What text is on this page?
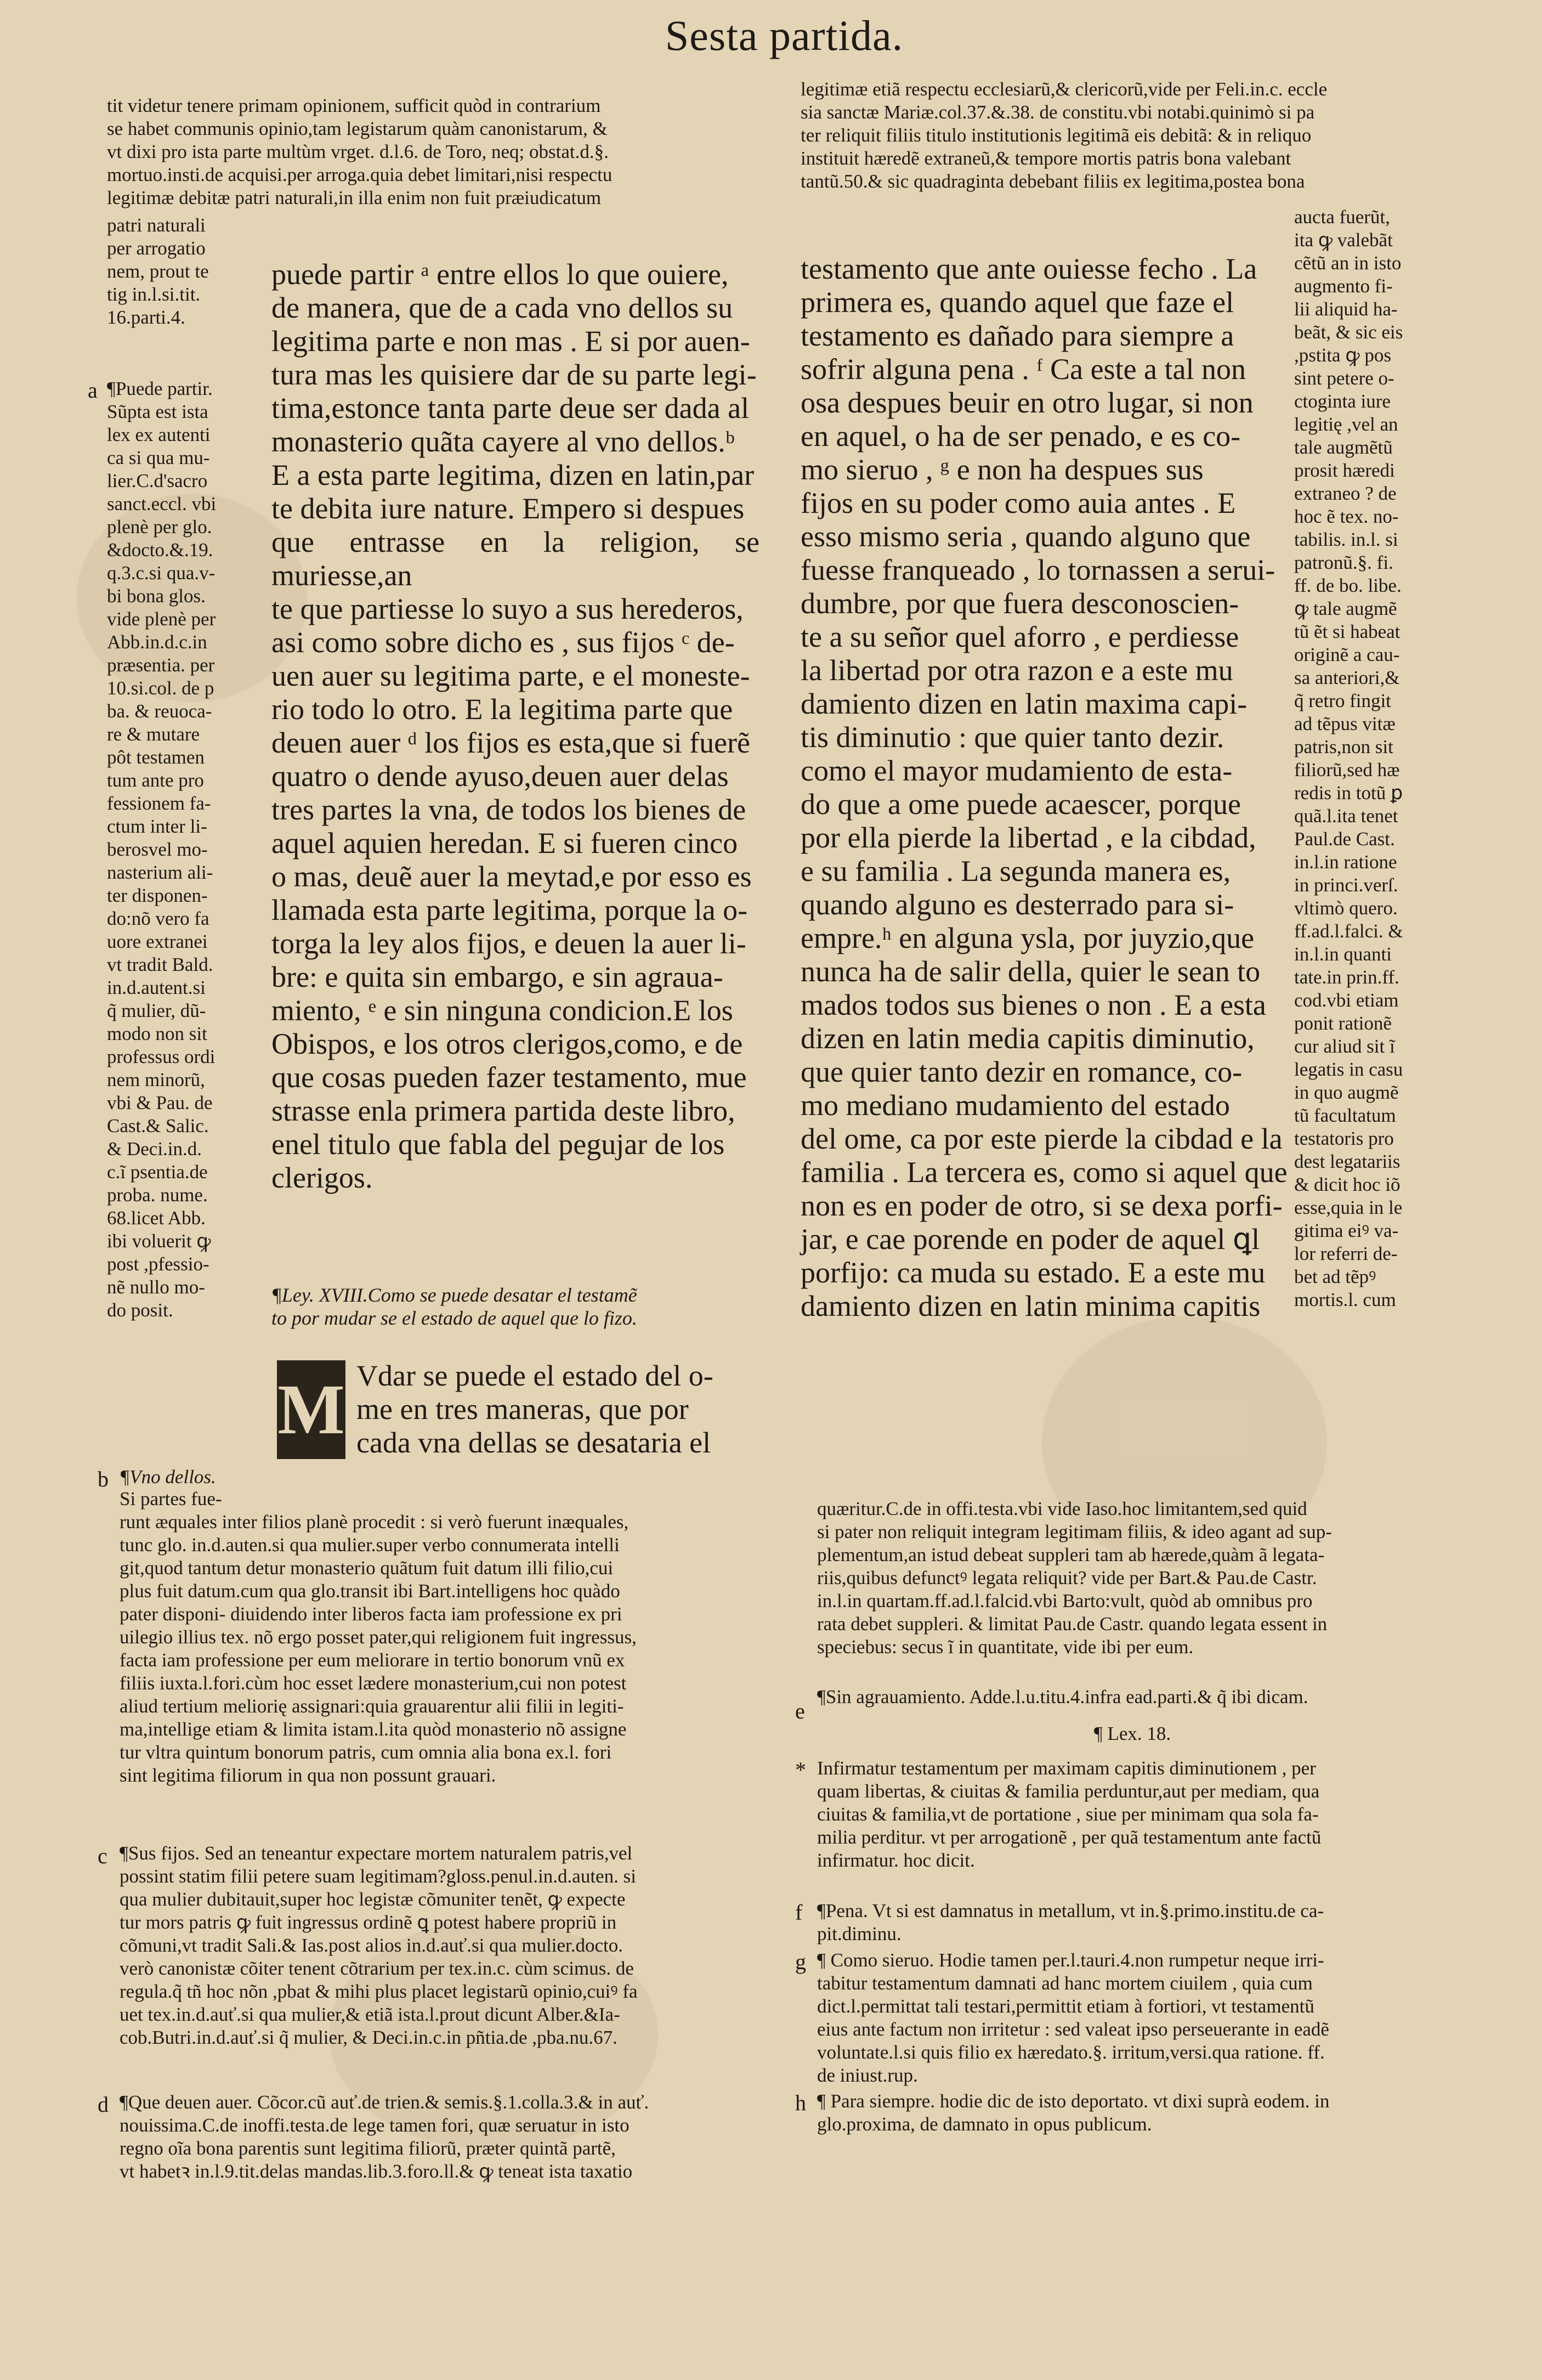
Sesta partida.
tit videtur tenere primam opinionem, sufficit quòd in contrarium
se habet communis opinio,tam legistarum quàm canonistarum, &
vt dixi pro ista parte multùm vrget. d.l.6. de Toro, neq; obstat.d.§.
mortuo.insti.de acquisi.per arroga.quia debet limitari,nisi respectu
legitimæ debitæ patri naturali,in illa enim non fuit præiudicatum
legitimæ etiã respectu ecclesiarũ,& clericorũ,vide per Feli.in.c. eccle
sia sanctæ Mariæ.col.37.&.38. de constitu.vbi notabi.quinimò si pa
ter reliquit filiis titulo institutionis legitimã eis debitã: & in reliquo
instituit hæredẽ extraneũ,& tempore mortis patris bona valebant
tantũ.50.& sic quadraginta debebant filiis ex legitima,postea bona
patri naturali
per arrogatio
nem, prout te
tig in.l.si.tit.
16.parti.4.
a ¶Puede partir.
Sũpta est ista
lex ex autenti
ca si qua mu-
lier.C.d'sacro
sanct.eccl. vbi
plenè per glo.
&docto.&.19.
q.3.c.si qua.v-
bi bona glos.
vide plenè per
Abb.in.d.c.in
præsentia. per
10.si.col. de p
ba. & reuoca-
re & mutare
pôt testamen
tum ante pro
fessionem fa-
ctum inter li-
berosvel mo-
nasterium ali-
ter disponen-
do:nõ vero fa
uore extranei
vt tradit Bald.
in.d.autent.si
q̃ mulier, dũ-
modo non sit
professus ordi
nem minorũ,
vbi & Pau. de
Cast.& Salic.
& Deci.in.d.
c.ĩ psentia.de
proba. nume.
68.licet Abb.
ibi voluerit ꝙ
post ,pfessio-
nẽ nullo mo-
do posit.
puede partir ᵃ entre ellos lo que ouiere,
de manera, que de a cada vno dellos su
legitima parte e non mas . E si por auen-
tura mas les quisiere dar de su parte legi-
tima,estonce tanta parte deue ser dada al
monasterio quãta cayere al vno dellos.ᵇ
E a esta parte legitima, dizen en latin,par
te debita iure nature. Empero si despues
que entrasse en la religion, se muriesse,an
te que partiesse lo suyo a sus herederos,
asi como sobre dicho es , sus fijos ᶜ de-
uen auer su legitima parte, e el moneste-
rio todo lo otro. E la legitima parte que
deuen auer ᵈ los fijos es esta,que si fuerẽ
quatro o dende ayuso,deuen auer delas
tres partes la vna, de todos los bienes de
aquel aquien heredan. E si fueren cinco
o mas, deuẽ auer la meytad,e por esso es
llamada esta parte legitima, porque la o-
torga la ley alos fijos, e deuen la auer li-
bre: e quita sin embargo, e sin agraua-
miento, ᵉ e sin ninguna condicion.E los
Obispos, e los otros clerigos,como, e de
que cosas pueden fazer testamento, mue
strasse enla primera partida deste libro,
enel titulo que fabla del pegujar de los
clerigos.
¶Ley. XVIII.Como se puede desatar el testamẽ
to por mudar se el estado de aquel que lo fizo.
M Vdar se puede el estado del o-
me en tres maneras, que por
cada vna dellas se desataria el
b ¶Vno dellos.
Si partes fue-
runt æquales inter filios planè procedit : si verò fuerunt inæquales,
tunc glo. in.d.auten.si qua mulier.super verbo connumerata intelli
git,quod tantum detur monasterio quãtum fuit datum illi filio,cui
plus fuit datum.cum qua glo.transit ibi Bart.intelligens hoc quàdo
pater disponi- diuidendo inter liberos facta iam professione ex pri
uilegio illius tex. nõ ergo posset pater,qui religionem fuit ingressus,
facta iam professione per eum meliorare in tertio bonorum vnũ ex
filiis iuxta.l.fori.cùm hoc esset lædere monasterium,cui non potest
aliud tertium meliorię assignari:quia grauarentur alii filii in legiti-
ma,intellige etiam & limita istam.l.ita quòd monasterio nõ assigne
tur vltra quintum bonorum patris, cum omnia alia bona ex.l. fori
sint legitima filiorum in qua non possunt grauari.
c ¶Sus fijos. Sed an teneantur expectare mortem naturalem patris,vel
possint statim filii petere suam legitimam?gloss.penul.in.d.auten. si
qua mulier dubitauit,super hoc legistæ cõmuniter tenẽt, ꝙ expecte
tur mors patris ꝙ fuit ingressus ordinẽ ꝗ potest habere propriũ in
cõmuni,vt tradit Sali.& Ias.post alios in.d.auť.si qua mulier.docto.
verò canonistæ cõiter tenent cõtrarium per tex.in.c. cùm scimus. de
regula.q̃ tñ hoc nõn ,pbat & mihi plus placet legistarũ opinio,cuiꝰ fa
uet tex.in.d.auť.si qua mulier,& etiã ista.l.prout dicunt Alber.&Ia-
cob.Butri.in.d.auť.si q̃ mulier, & Deci.in.c.in pñtia.de ,pba.nu.67.
d ¶Que deuen auer. Cõcor.cũ auť.de trien.& semis.§.1.colla.3.& in auť.
nouissima.C.de inoffi.testa.de lege tamen fori, quæ seruatur in isto
regno oĩa bona parentis sunt legitima filiorũ, præter quintã partẽ,
vt habetꝛ in.l.9.tit.delas mandas.lib.3.foro.ll.& ꝙ teneat ista taxatio
testamento que ante ouiesse fecho . La
primera es, quando aquel que faze el
testamento es dañado para siempre a
sofrir alguna pena . ᶠ Ca este a tal non
osa despues beuir en otro lugar, si non
en aquel, o ha de ser penado, e es co-
mo sieruo , ᵍ e non ha despues sus
fijos en su poder como auia antes . E
esso mismo seria , quando alguno que
fuesse franqueado , lo tornassen a serui-
dumbre, por que fuera desconoscien-
te a su señor quel aforro , e perdiesse
la libertad por otra razon e a este mu
damiento dizen en latin maxima capi-
tis diminutio : que quier tanto dezir.
como el mayor mudamiento de esta-
do que a ome puede acaescer, porque
por ella pierde la libertad , e la cibdad,
e su familia . La segunda manera es,
quando alguno es desterrado para si-
empre.ʰ en alguna ysla, por juyzio,que
nunca ha de salir della, quier le sean to
mados todos sus bienes o non . E a esta
dizen en latin media capitis diminutio,
que quier tanto dezir en romance, co-
mo mediano mudamiento del estado
del ome, ca por este pierde la cibdad e la
familia . La tercera es, como si aquel que
non es en poder de otro, si se dexa porfi-
jar, e cae porende en poder de aquel ꝗl
porfijo: ca muda su estado. E a este mu
damiento dizen en latin minima capitis
aucta fuerũt,
ita ꝙ valebãt
cẽtũ an in isto
augmento fi-
lii aliquid ha-
beãt, & sic eis
,pstita ꝙ pos
sint petere o-
ctoginta iure
legitię ,vel an
tale augmẽtũ
prosit hæredi
extraneo ? de
hoc ẽ tex. no-
tabilis. in.l. si
patronũ.§. fi.
ff. de bo. libe.
ꝙ tale augmẽ
tũ ẽt si habeat
originẽ a cau-
sa anteriori,&
q̃ retro fingit
ad tẽpus vitæ
patris,non sit
filiorũ,sed hæ
redis in totũ ꝑ
quã.l.ita tenet
Paul.de Cast.
in.l.in ratione
in princi.verſ.
vltimò quero.
ff.ad.l.falci. &
in.l.in quanti
tate.in prin.ff.
cod.vbi etiam
ponit rationẽ
cur aliud sit ĩ
legatis in casu
in quo augmẽ
tũ facultatum
testatoris pro
dest legatariis
& dicit hoc iõ
esse,quia in le
gitima eiꝰ va-
lor referri de-
bet ad tẽpꝰ
mortis.l. cum
quæritur.C.de in offi.testa.vbi vide Iaso.hoc limitantem,sed quid
si pater non reliquit integram legitimam filiis, & ideo agant ad sup-
plementum,an istud debeat suppleri tam ab hærede,quàm ã legata-
riis,quibus defunctꝰ legata reliquit? vide per Bart.& Pau.de Castr.
in.l.in quartam.ff.ad.l.falcid.vbi Barto:vult, quòd ab omnibus pro
rata debet suppleri. & limitat Pau.de Castr. quando legata essent in
speciebus: secus ĩ in quantitate, vide ibi per eum.
e
¶Sin agrauamiento. Adde.l.u.titu.4.infra ead.parti.& q̃ ibi dicam.
¶ Lex. 18.
* Infirmatur testamentum per maximam capitis diminutionem , per
quam libertas, & ciuitas & familia perduntur,aut per mediam, qua
ciuitas & familia,vt de portatione , siue per minimam qua sola fa-
milia perditur. vt per arrogationẽ , per quã testamentum ante factũ
infirmatur. hoc dicit.
f ¶Pena. Vt si est damnatus in metallum, vt in.§.primo.institu.de ca-
pit.diminu.
g ¶ Como sieruo. Hodie tamen per.l.tauri.4.non rumpetur neque irri-
tabitur testamentum damnati ad hanc mortem ciuilem , quia cum
dict.l.permittat tali testari,permittit etiam à fortiori, vt testamentũ
eius ante factum non irritetur : sed valeat ipso perseuerante in eadẽ
voluntate.l.si quis filio ex hæredato.§. irritum,versi.qua ratione. ff.
de iniust.rup.
h ¶ Para siempre. hodie dic de isto deportato. vt dixi suprà eodem. in
glo.proxima, de damnato in opus publicum.
